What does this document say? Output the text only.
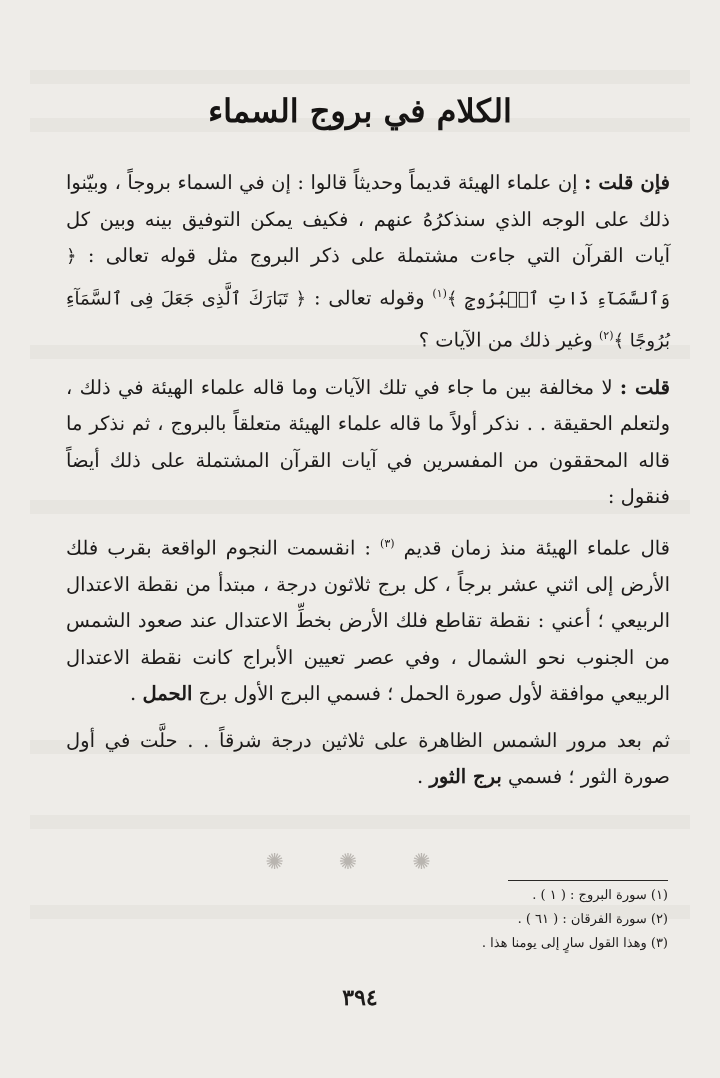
الكلام في بروج السماء

فإن قلت : إن علماء الهيئة قديماً وحديثاً قالوا : إن في السماء بروجاً ، وبيّنوا ذلك على الوجه الذي سنذكرُهُ عنهم ، فكيف يمكن التوفيق بينه وبين كل آيات القرآن التي جاءت مشتملة على ذكر البروج مثل قوله تعالى : ﴿ وَٱلسَّمَآءِ ذَاتِ ٱلۡبُرُوجِ ﴾$^{(١)}$ وقوله تعالى : ﴿ تَبَارَكَ ٱلَّذِى جَعَلَ فِى ٱلسَّمَآءِ بُرُوجًا ﴾$^{(٢)}$ وغير ذلك من الآيات ؟

قلت : لا مخالفة بين ما جاء في تلك الآيات وما قاله علماء الهيئة في ذلك ، ولتعلم الحقيقة . . نذكر أولاً ما قاله علماء الهيئة متعلقاً بالبروج ، ثم نذكر ما قاله المحققون من المفسرين في آيات القرآن المشتملة على ذلك أيضاً فنقول :

قال علماء الهيئة منذ زمان قديم $^{(٣)}$ : انقسمت النجوم الواقعة بقرب فلك الأرض إلى اثني عشر برجاً ، كل برج ثلاثون درجة ، مبتدأ من نقطة الاعتدال الربيعي ؛ أعني : نقطة تقاطع فلك الأرض بخطِّ الاعتدال عند صعود الشمس من الجنوب نحو الشمال ، وفي عصر تعيين الأبراج كانت نقطة الاعتدال الربيعي موافقة لأول صورة الحمل ؛ فسمي البرج الأول برج الحمل .

ثم بعد مرور الشمس الظاهرة على ثلاثين درجة شرقاً . . حلَّت في أول صورة الثور ؛ فسمي برج الثور .

✺ ✺ ✺
(١) سورة البروج : ( ١ ) .
(٢) سورة الفرقان : ( ٦١ ) .
(٣) وهذا القول سارٍ إلى يومنا هذا .
٣٩٤
